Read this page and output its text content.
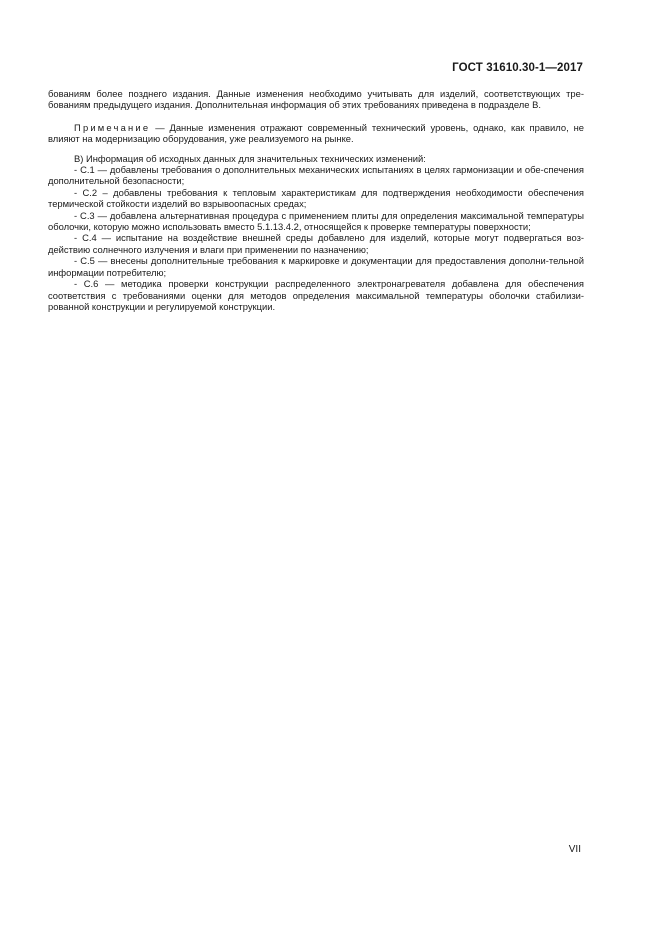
ГОСТ 31610.30-1—2017

бованиям более позднего издания. Данные изменения необходимо учитывать для изделий, соответствующих тре-бованиям предыдущего издания. Дополнительная информация об этих требованиях приведена в подразделе В.

Примечание — Данные изменения отражают современный технический уровень, однако, как правило, не влияют на модернизацию оборудования, уже реализуемого на рынке.

В) Информация об исходных данных для значительных технических изменений:

- С.1 — добавлены требования о дополнительных механических испытаниях в целях гармонизации и обе-спечения дополнительной безопасности;

- С.2 – добавлены требования к тепловым характеристикам для подтверждения необходимости обеспечения термической стойкости изделий во взрывоопасных средах;

- С.3 — добавлена альтернативная процедура с применением плиты для определения максимальной температуры оболочки, которую можно использовать вместо 5.1.13.4.2, относящейся к проверке температуры поверхности;

- С.4 — испытание на воздействие внешней среды добавлено для изделий, которые могут подвергаться воз-действию солнечного излучения и влаги при применении по назначению;

- С.5 — внесены дополнительные требования к маркировке и документации для предоставления дополни-тельной информации потребителю;

- С.6 — методика проверки конструкции распределенного электронагревателя добавлена для обеспечения соответствия с требованиями оценки для методов определения максимальной температуры оболочки стабилизи-рованной конструкции и регулируемой конструкции.

VII
